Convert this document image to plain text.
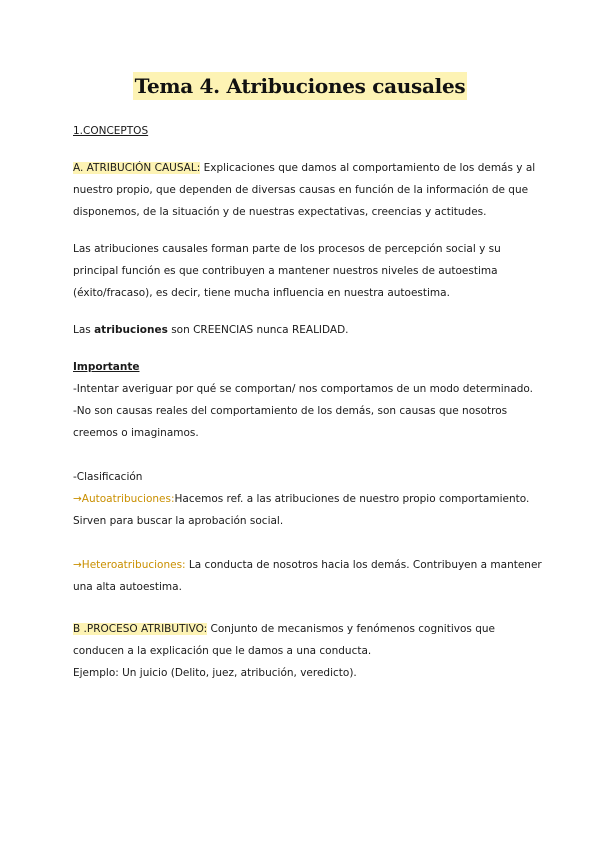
Tema 4. Atribuciones causales
1.CONCEPTOS

A. ATRIBUCIÓN CAUSAL: Explicaciones que damos al comportamiento de los demás y al nuestro propio, que dependen de diversas causas en función de la información de que disponemos, de la situación y de nuestras expectativas, creencias y actitudes.

Las atribuciones causales forman parte de los procesos de percepción social y su principal función es que contribuyen a mantener nuestros niveles de autoestima (éxito/fracaso), es decir, tiene mucha influencia en nuestra autoestima.

Las atribuciones son CREENCIAS nunca REALIDAD.

Importante
-Intentar averiguar por qué se comportan/ nos comportamos de un modo determinado.
-No son causas reales del comportamiento de los demás, son causas que nosotros creemos o imaginamos.
-Clasificación

→Autoatribuciones:Hacemos ref. a las atribuciones de nuestro propio comportamiento. Sirven para buscar la aprobación social.

→Heteroatribuciones: La conducta de nosotros hacia los demás. Contribuyen a mantener una alta autoestima.

B .PROCESO ATRIBUTIVO: Conjunto de mecanismos y fenómenos cognitivos que conducen a la explicación que le damos a una conducta.
Ejemplo: Un juicio (Delito, juez, atribución, veredicto).
